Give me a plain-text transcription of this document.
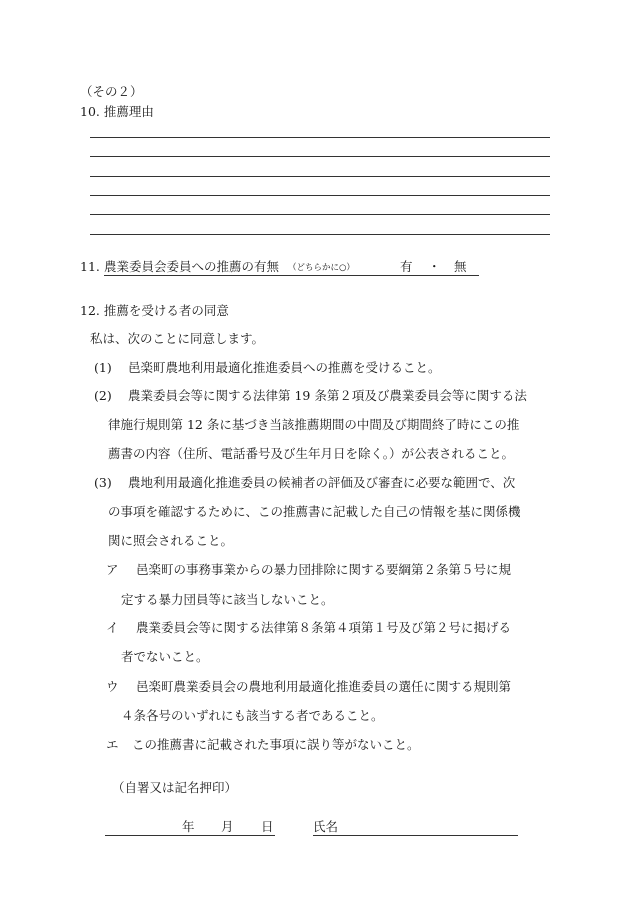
（その２）
10. 推薦理由
11. 農業委員会委員への推薦の有無 （どちらかに○）	有 ・ 無
12. 推薦を受ける者の同意
私は、次のことに同意します。
(1) 邑楽町農地利用最適化推進委員への推薦を受けること。
(2) 農業委員会等に関する法律第 19 条第２項及び農業委員会等に関する法
律施行規則第 12 条に基づき当該推薦期間の中間及び期間終了時にこの推
薦書の内容（住所、電話番号及び生年月日を除く。）が公表されること。
(3) 農地利用最適化推進委員の候補者の評価及び審査に必要な範囲で、次
の事項を確認するために、この推薦書に記載した自己の情報を基に関係機
関に照会されること。
ア 邑楽町の事務事業からの暴力団排除に関する要綱第２条第５号に規
定する暴力団員等に該当しないこと。
イ 農業委員会等に関する法律第８条第４項第１号及び第２号に掲げる
者でないこと。
ウ 邑楽町農業委員会の農地利用最適化推進委員の選任に関する規則第
４条各号のいずれにも該当する者であること。
エ この推薦書に記載された事項に誤り等がないこと。
（自署又は記名押印）
年 月 日	氏名
